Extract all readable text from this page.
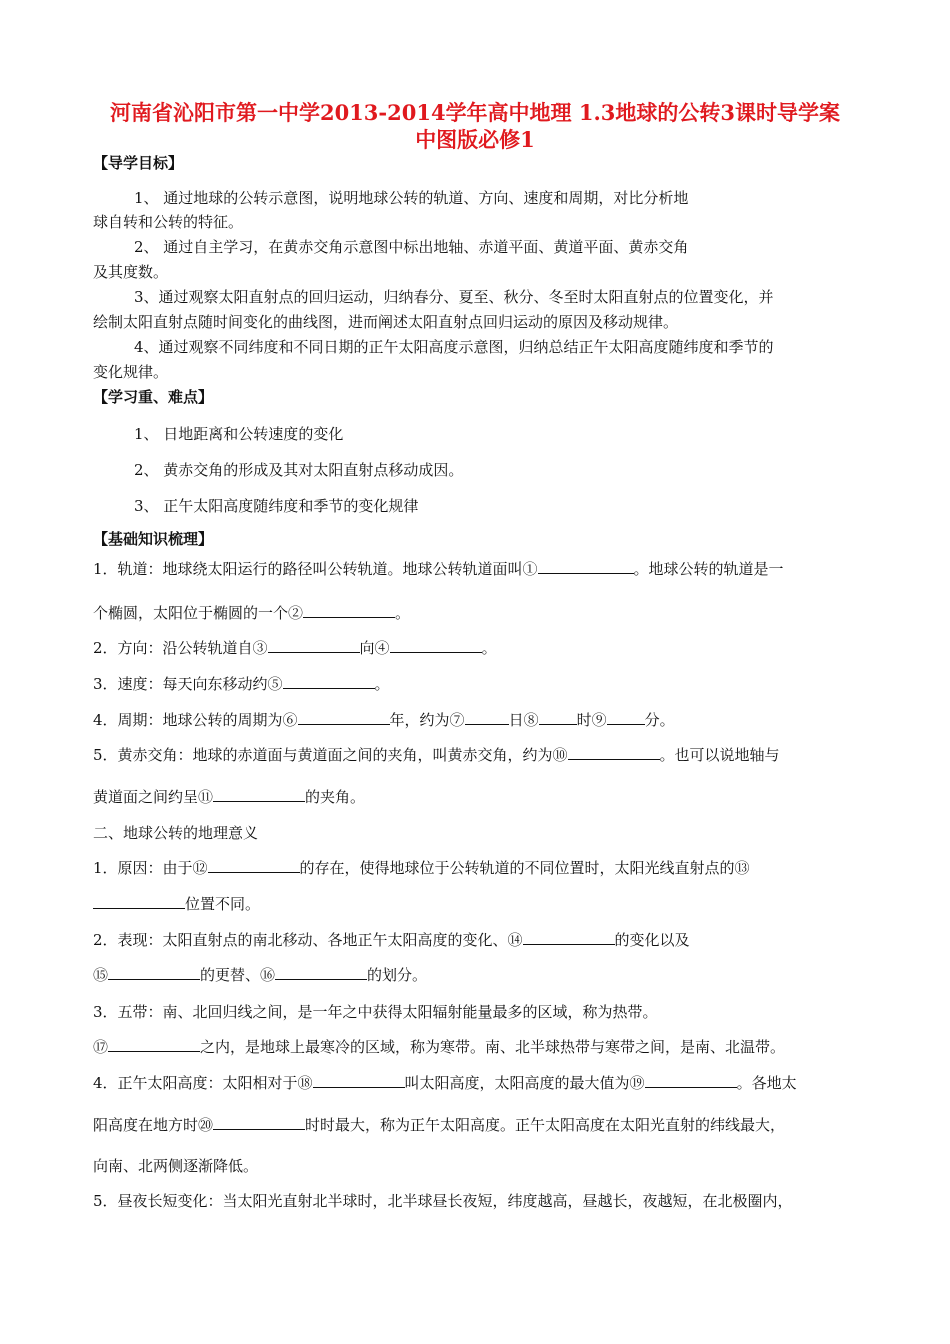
河南省沁阳市第一中学2013-2014学年高中地理 1.3地球的公转3课时导学案
中图版必修1
【导学目标】
1、 通过地球的公转示意图，说明地球公转的轨道、方向、速度和周期，对比分析地
球自转和公转的特征。
2、 通过自主学习，在黄赤交角示意图中标出地轴、赤道平面、黄道平面、黄赤交角
及其度数。
3、通过观察太阳直射点的回归运动，归纳春分、夏至、秋分、冬至时太阳直射点的位置变化，并
绘制太阳直射点随时间变化的曲线图，进而阐述太阳直射点回归运动的原因及移动规律。
4、通过观察不同纬度和不同日期的正午太阳高度示意图，归纳总结正午太阳高度随纬度和季节的
变化规律。
【学习重、难点】
1、 日地距离和公转速度的变化
2、 黄赤交角的形成及其对太阳直射点移动成因。
3、 正午太阳高度随纬度和季节的变化规律
【基础知识梳理】
1．轨道：地球绕太阳运行的路径叫公转轨道。地球公转轨道面叫①	。地球公转的轨道是一
个椭圆，太阳位于椭圆的一个②	。
2．方向：沿公转轨道自③	向④	。
3．速度：每天向东移动约⑤	。
4．周期：地球公转的周期为⑥	年，约为⑦	日⑧	时⑨	分。
5．黄赤交角：地球的赤道面与黄道面之间的夹角，叫黄赤交角，约为⑩	。也可以说地轴与
黄道面之间约呈⑪	的夹角。
二、地球公转的地理意义
1．原因：由于⑫	的存在，使得地球位于公转轨道的不同位置时，太阳光线直射点的⑬
位置不同。
2．表现：太阳直射点的南北移动、各地正午太阳高度的变化、⑭	的变化以及
⑮	的更替、⑯	的划分。
3．五带：南、北回归线之间，是一年之中获得太阳辐射能量最多的区域，称为热带。
⑰	之内，是地球上最寒冷的区域，称为寒带。南、北半球热带与寒带之间，是南、北温带。
4．正午太阳高度：太阳相对于⑱	叫太阳高度，太阳高度的最大值为⑲	。各地太
阳高度在地方时⑳	时时最大，称为正午太阳高度。正午太阳高度在太阳光直射的纬线最大，
向南、北两侧逐渐降低。
5．昼夜长短变化：当太阳光直射北半球时，北半球昼长夜短，纬度越高，昼越长，夜越短，在北极圈内，
